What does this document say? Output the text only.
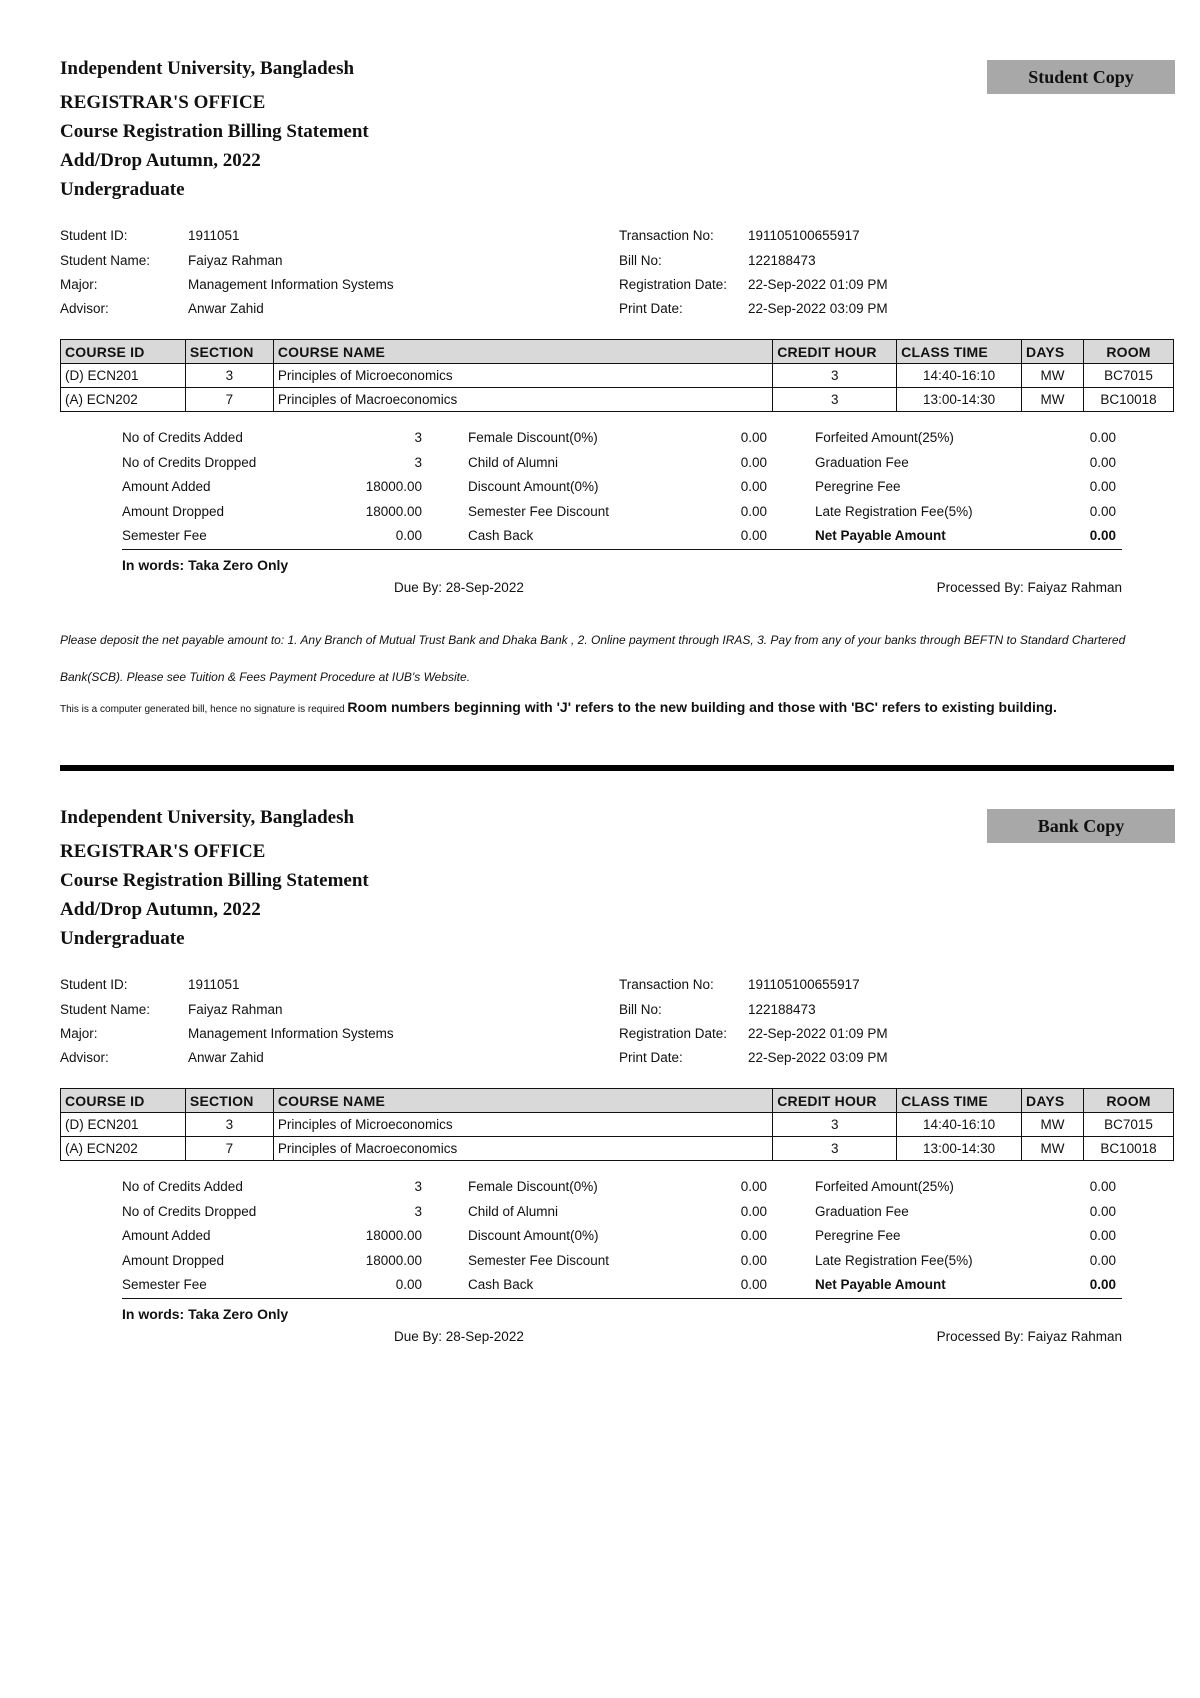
Independent University, Bangladesh
REGISTRAR'S OFFICE
Course Registration Billing Statement
Add/Drop Autumn, 2022
Undergraduate
Student Copy
Student ID:	1911051
Student Name:	Faiyaz Rahman
Major:	Management Information Systems
Advisor:	Anwar Zahid
Transaction No:	191105100655917
Bill No:	122188473
Registration Date: 22-Sep-2022 01:09 PM
Print Date:	22-Sep-2022 03:09 PM
COURSE ID	SECTION	COURSE NAME	CREDIT HOUR	CLASS TIME	DAYS	ROOM
(D) ECN201	3	Principles of Microeconomics	3	14:40-16:10	MW	BC7015
(A) ECN202	7	Principles of Macroeconomics	3	13:00-14:30	MW	BC10018
No of Credits Added	3	Female Discount(0%)	0.00	Forfeited Amount(25%)	0.00
No of Credits Dropped	3	Child of Alumni	0.00	Graduation Fee	0.00
Amount Added	18000.00	Discount Amount(0%)	0.00	Peregrine Fee	0.00
Amount Dropped	18000.00	Semester Fee Discount	0.00	Late Registration Fee(5%)	0.00
Semester Fee	0.00	Cash Back	0.00	Net Payable Amount	0.00
In words: Taka Zero Only
Due By: 28-Sep-2022	Processed By: Faiyaz Rahman
Please deposit the net payable amount to: 1. Any Branch of Mutual Trust Bank and Dhaka Bank , 2. Online payment through IRAS, 3. Pay from any of your banks through BEFTN to Standard Chartered Bank(SCB). Please see Tuition & Fees Payment Procedure at IUB's Website.
This is a computer generated bill, hence no signature is required Room numbers beginning with 'J' refers to the new building and those with 'BC' refers to existing building.
Independent University, Bangladesh
REGISTRAR'S OFFICE
Course Registration Billing Statement
Add/Drop Autumn, 2022
Undergraduate
Bank Copy
Student ID:	1911051
Student Name:	Faiyaz Rahman
Major:	Management Information Systems
Advisor:	Anwar Zahid
Transaction No:	191105100655917
Bill No:	122188473
Registration Date: 22-Sep-2022 01:09 PM
Print Date:	22-Sep-2022 03:09 PM
COURSE ID	SECTION	COURSE NAME	CREDIT HOUR	CLASS TIME	DAYS	ROOM
(D) ECN201	3	Principles of Microeconomics	3	14:40-16:10	MW	BC7015
(A) ECN202	7	Principles of Macroeconomics	3	13:00-14:30	MW	BC10018
No of Credits Added	3	Female Discount(0%)	0.00	Forfeited Amount(25%)	0.00
No of Credits Dropped	3	Child of Alumni	0.00	Graduation Fee	0.00
Amount Added	18000.00	Discount Amount(0%)	0.00	Peregrine Fee	0.00
Amount Dropped	18000.00	Semester Fee Discount	0.00	Late Registration Fee(5%)	0.00
Semester Fee	0.00	Cash Back	0.00	Net Payable Amount	0.00
In words: Taka Zero Only
Due By: 28-Sep-2022	Processed By: Faiyaz Rahman
